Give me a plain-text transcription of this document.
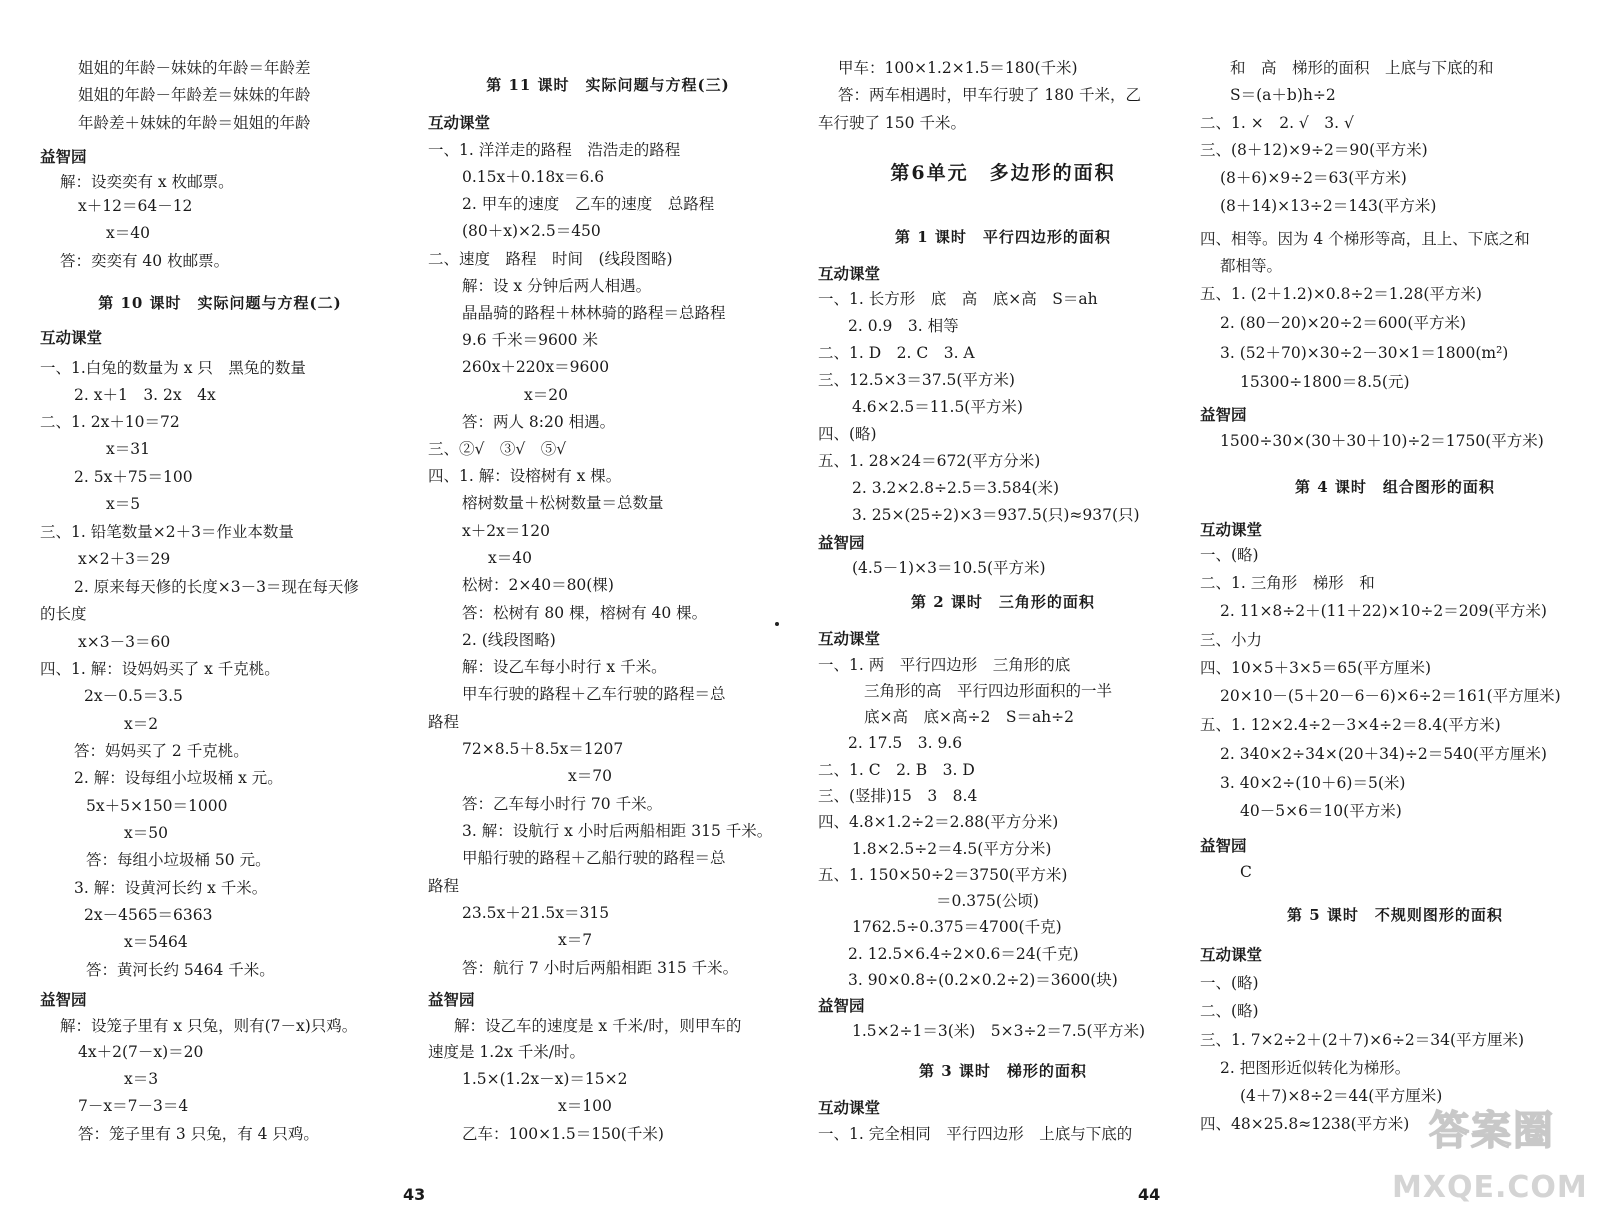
姐姐的年龄－妹妹的年龄＝年龄差
姐姐的年龄－年龄差＝妹妹的年龄
年龄差＋妹妹的年龄＝姐姐的年龄
益智园
解：设奕奕有 x 枚邮票。
x＋12＝64－12
x＝40
答：奕奕有 40 枚邮票。
第 10 课时　实际问题与方程(二)
互动课堂
一、1.白兔的数量为 x 只　黑兔的数量
2. x＋1　3. 2x　4x
二、1. 2x＋10＝72
x＝31
2. 5x＋75＝100
x＝5
三、1. 铅笔数量×2＋3＝作业本数量
x×2＋3＝29
2. 原来每天修的长度×3－3＝现在每天修
的长度
x×3－3＝60
四、1. 解：设妈妈买了 x 千克桃。
2x－0.5＝3.5
x＝2
答：妈妈买了 2 千克桃。
2. 解：设每组小垃圾桶 x 元。
5x＋5×150＝1000
x＝50
答：每组小垃圾桶 50 元。
3. 解：设黄河长约 x 千米。
2x－4565＝6363
x＝5464
答：黄河长约 5464 千米。
益智园
解：设笼子里有 x 只兔，则有(7－x)只鸡。
4x＋2(7－x)＝20
x＝3
7－x＝7－3＝4
答：笼子里有 3 只兔，有 4 只鸡。
第 11 课时　实际问题与方程(三)
互动课堂
一、1. 洋洋走的路程　浩浩走的路程
0.15x＋0.18x＝6.6
2. 甲车的速度　乙车的速度　总路程
(80＋x)×2.5＝450
二、速度　路程　时间　(线段图略)
解：设 x 分钟后两人相遇。
晶晶骑的路程＋林林骑的路程＝总路程
9.6 千米＝9600 米
260x＋220x＝9600
x＝20
答：两人 8:20 相遇。
三、②√　③√　⑤√
四、1. 解：设榕树有 x 棵。
榕树数量＋松树数量＝总数量
x＋2x＝120
x＝40
松树：2×40＝80(棵)
答：松树有 80 棵，榕树有 40 棵。
2. (线段图略)
解：设乙车每小时行 x 千米。
甲车行驶的路程＋乙车行驶的路程＝总
路程
72×8.5＋8.5x＝1207
x＝70
答：乙车每小时行 70 千米。
3. 解：设航行 x 小时后两船相距 315 千米。
甲船行驶的路程＋乙船行驶的路程＝总
路程
23.5x＋21.5x＝315
x＝7
答：航行 7 小时后两船相距 315 千米。
益智园
解：设乙车的速度是 x 千米/时，则甲车的
速度是 1.2x 千米/时。
1.5×(1.2x－x)＝15×2
x＝100
乙车：100×1.5＝150(千米)
甲车：100×1.2×1.5＝180(千米)
答：两车相遇时，甲车行驶了 180 千米，乙
车行驶了 150 千米。
第6单元　多边形的面积
第 1 课时　平行四边形的面积
互动课堂
一、1. 长方形　底　高　底×高　S＝ah
2. 0.9　3. 相等
二、1. D　2. C　3. A
三、12.5×3＝37.5(平方米)
4.6×2.5＝11.5(平方米)
四、(略)
五、1. 28×24＝672(平方分米)
2. 3.2×2.8÷2.5＝3.584(米)
3. 25×(25÷2)×3＝937.5(只)≈937(只)
益智园
(4.5－1)×3＝10.5(平方米)
第 2 课时　三角形的面积
互动课堂
一、1. 两　平行四边形　三角形的底
三角形的高　平行四边形面积的一半
底×高　底×高÷2　S＝ah÷2
2. 17.5　3. 9.6
二、1. C　2. B　3. D
三、(竖排)15　3　8.4
四、4.8×1.2÷2＝2.88(平方分米)
1.8×2.5÷2＝4.5(平方分米)
五、1. 150×50÷2＝3750(平方米)
＝0.375(公顷)
1762.5÷0.375＝4700(千克)
2. 12.5×6.4÷2×0.6＝24(千克)
3. 90×0.8÷(0.2×0.2÷2)＝3600(块)
益智园
1.5×2÷1＝3(米)　5×3÷2＝7.5(平方米)
第 3 课时　梯形的面积
互动课堂
一、1. 完全相同　平行四边形　上底与下底的
和　高　梯形的面积　上底与下底的和
S＝(a＋b)h÷2
二、1. ×　2. √　3. √
三、(8＋12)×9÷2＝90(平方米)
(8＋6)×9÷2＝63(平方米)
(8＋14)×13÷2＝143(平方米)
四、相等。因为 4 个梯形等高，且上、下底之和
都相等。
五、1. (2＋1.2)×0.8÷2＝1.28(平方米)
2. (80－20)×20÷2＝600(平方米)
3. (52＋70)×30÷2－30×1＝1800(m²)
15300÷1800＝8.5(元)
益智园
1500÷30×(30＋30＋10)÷2＝1750(平方米)
第 4 课时　组合图形的面积
互动课堂
一、(略)
二、1. 三角形　梯形　和
2. 11×8÷2＋(11＋22)×10÷2＝209(平方米)
三、小力
四、10×5＋3×5＝65(平方厘米)
20×10－(5＋20－6－6)×6÷2＝161(平方厘米)
五、1. 12×2.4÷2－3×4÷2＝8.4(平方米)
2. 340×2÷34×(20＋34)÷2＝540(平方厘米)
3. 40×2÷(10＋6)＝5(米)
40－5×6＝10(平方米)
益智园
C
第 5 课时　不规则图形的面积
互动课堂
一、(略)
二、(略)
三、1. 7×2÷2＋(2＋7)×6÷2＝34(平方厘米)
2. 把图形近似转化为梯形。
(4＋7)×8÷2＝44(平方厘米)
四、48×25.8≈1238(平方米)
43	44
答案圈
MXQE.COM
